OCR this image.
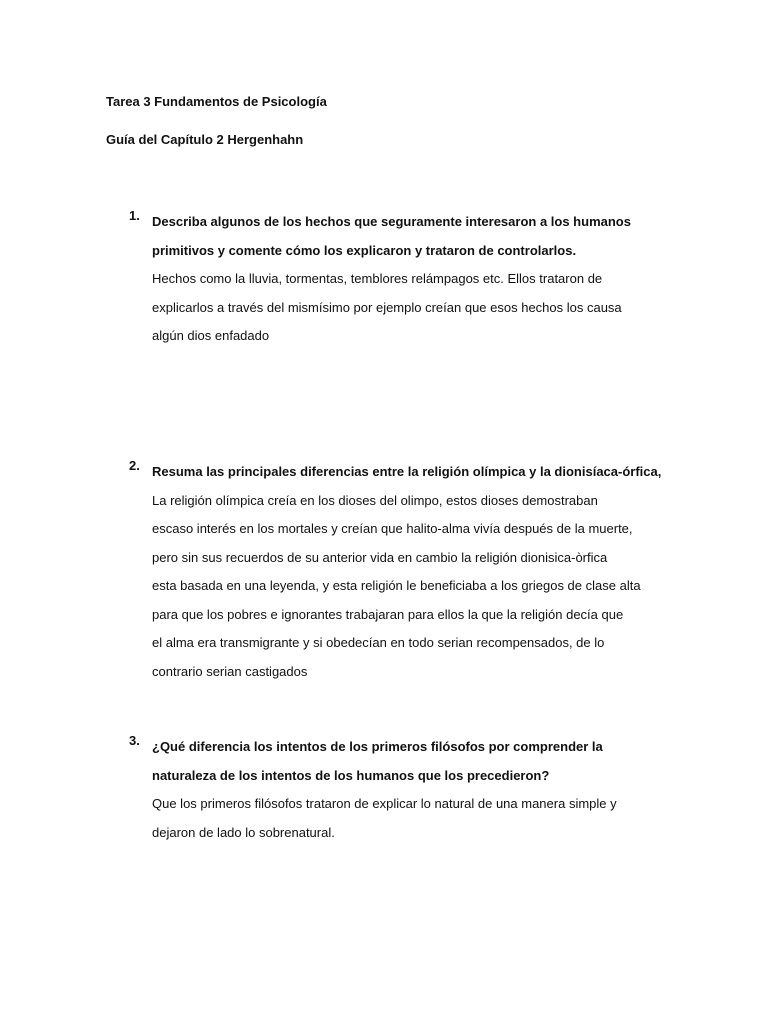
Tarea 3 Fundamentos de Psicología
Guía del Capítulo 2 Hergenhahn
1. Describa algunos de los hechos que seguramente interesaron a los humanos
primitivos y comente cómo los explicaron y trataron de controlarlos.
Hechos como la lluvia, tormentas, temblores relámpagos etc. Ellos trataron de
explicarlos a través del mismísimo por ejemplo creían que esos hechos los causa
algún dios enfadado
2. Resuma las principales diferencias entre la religión olímpica y la dionisíaca-órfica,
La religión olímpica creía en los dioses del olimpo, estos dioses demostraban
escaso interés en los mortales y creían que halito-alma vivía después de la muerte,
pero sin sus recuerdos de su anterior vida en cambio la religión dionisica-òrfica
esta basada en una leyenda, y esta religión le beneficiaba a los griegos de clase alta
para que los pobres e ignorantes trabajaran para ellos la que la religión decía que
el alma era transmigrante y si obedecían en todo serian recompensados, de lo
contrario serian castigados
3. ¿Qué diferencia los intentos de los primeros filósofos por comprender la
naturaleza de los intentos de los humanos que los precedieron?
Que los primeros filósofos trataron de explicar lo natural de una manera simple y
dejaron de lado lo sobrenatural.
